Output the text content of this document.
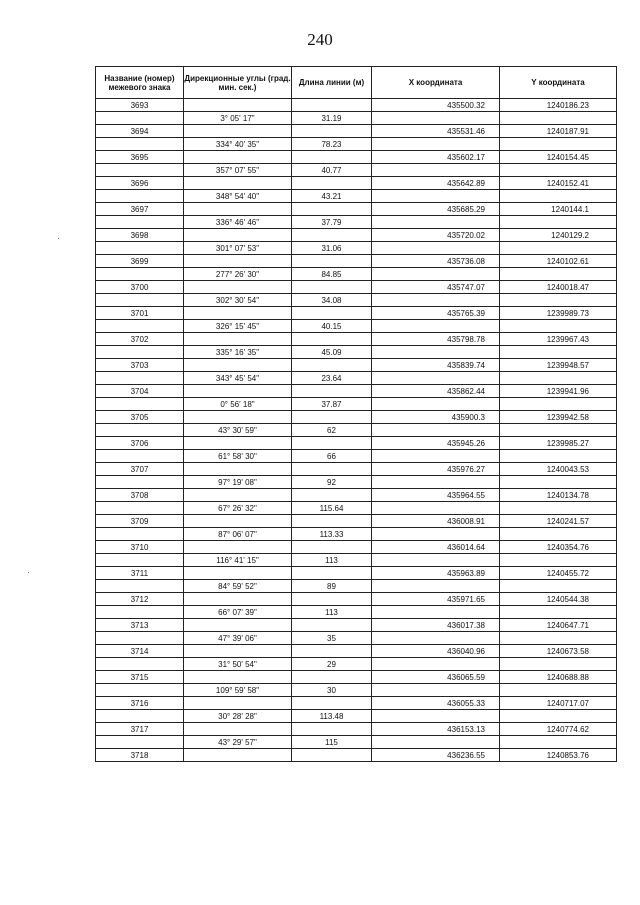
240
Название (номер) межевого знака	Дирекционные углы (град. мин. сек.)	Длина линии (м)	X координата	Y координата
3693			435500.32	1240186.23
	3° 05' 17"	31.19		
3694			435531.46	1240187.91
	334° 40' 35"	78.23		
3695			435602.17	1240154.45
	357° 07' 55"	40.77		
3696			435642.89	1240152.41
	348° 54' 40"	43.21		
3697			435685.29	1240144.1
	336° 46' 46"	37.79		
3698			435720.02	1240129.2
	301° 07' 53"	31.06		
3699			435736.08	1240102.61
	277° 26' 30"	84.85		
3700			435747.07	1240018.47
	302° 30' 54"	34.08		
3701			435765.39	1239989.73
	326° 15' 45"	40.15		
3702			435798.78	1239967.43
	335° 16' 35"	45.09		
3703			435839.74	1239948.57
	343° 45' 54"	23.64		
3704			435862.44	1239941.96
	0° 56' 18"	37.87		
3705			435900.3	1239942.58
	43° 30' 59"	62		
3706			435945.26	1239985.27
	61° 58' 30"	66		
3707			435976.27	1240043.53
	97° 19' 08"	92		
3708			435964.55	1240134.78
	67° 26' 32"	115.64		
3709			436008.91	1240241.57
	87° 06' 07"	113.33		
3710			436014.64	1240354.76
	116° 41' 15"	113		
3711			435963.89	1240455.72
	84° 59' 52"	89		
3712			435971.65	1240544.38
	66° 07' 39"	113		
3713			436017.38	1240647.71
	47° 39' 06"	35		
3714			436040.96	1240673.58
	31° 50' 54"	29		
3715			436065.59	1240688.88
	109° 59' 58"	30		
3716			436055.33	1240717.07
	30° 28' 28"	113.48		
3717			436153.13	1240774.62
	43° 29' 57"	115		
3718			436236.55	1240853.76
